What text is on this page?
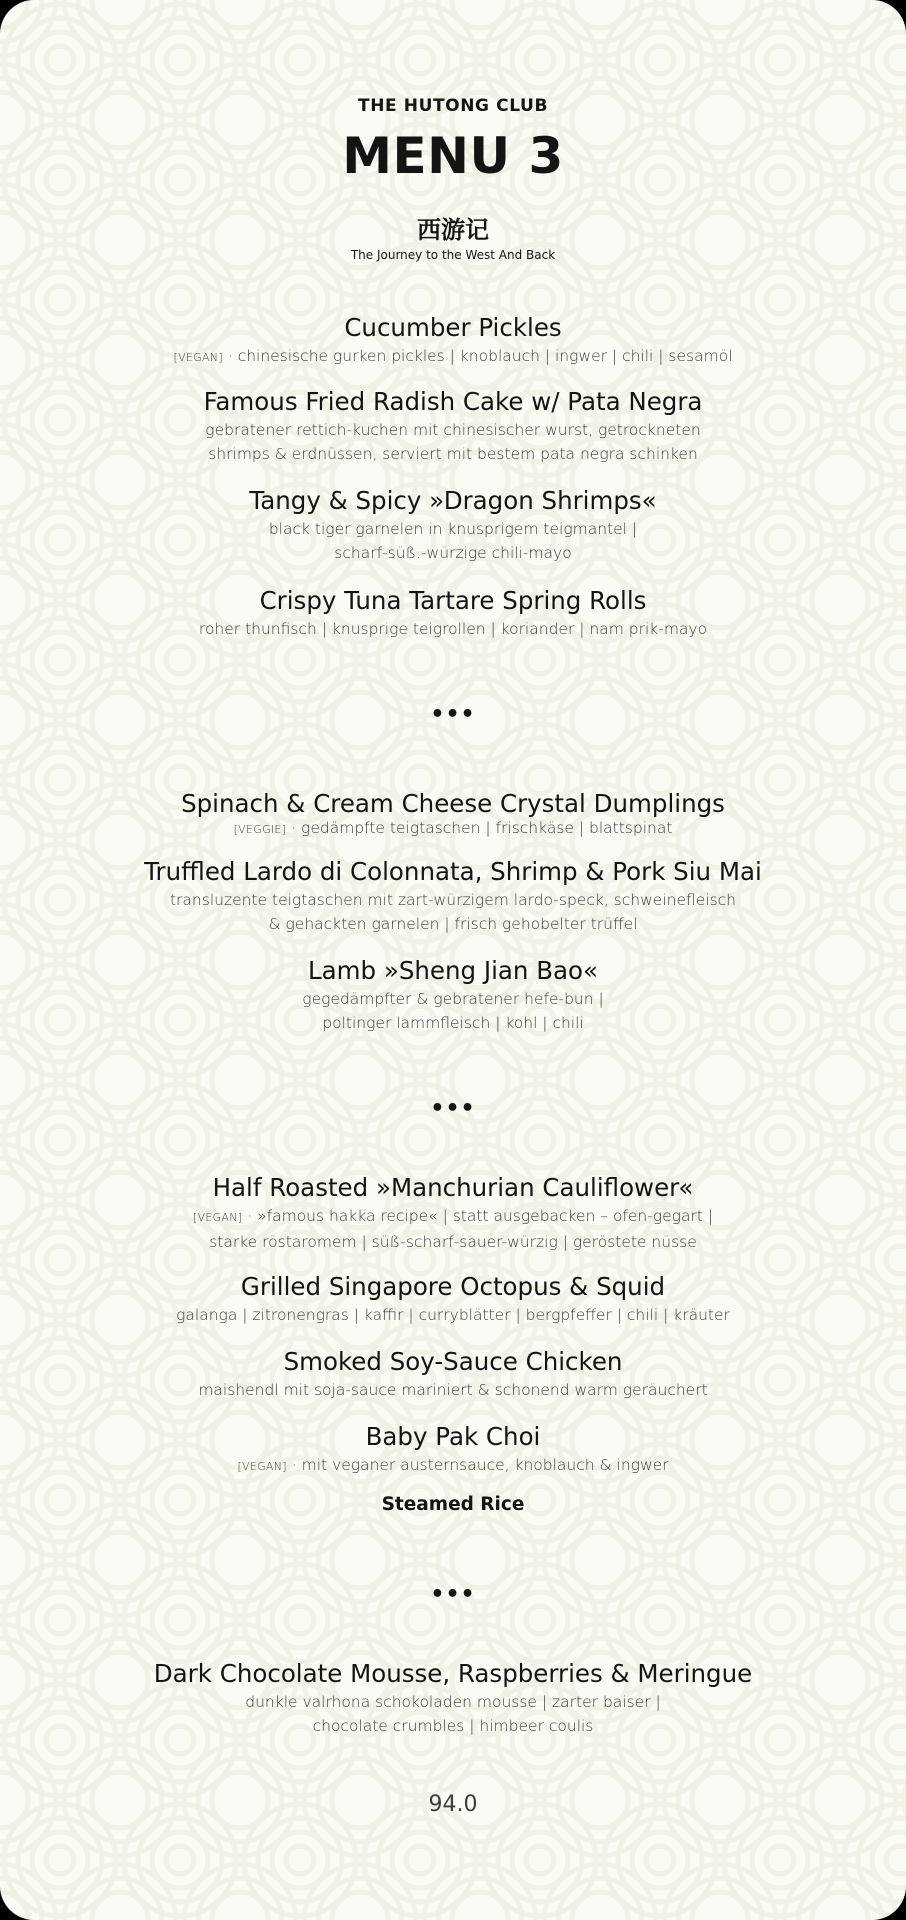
THE HUTONG CLUB
MENU 3
西游记
The Journey to the West And Back
Cucumber Pickles
[VEGAN] · chinesische gurken pickles | knoblauch | ingwer | chili | sesamöl
Famous Fried Radish Cake w/ Pata Negra
gebratener rettich-kuchen mit chinesischer wurst, getrockneten
shrimps & erdnüssen, serviert mit bestem pata negra schinken
Tangy & Spicy »Dragon Shrimps«
black tiger garnelen in knusprigem teigmantel |
scharf-süß.-würzige chili-mayo
Crispy Tuna Tartare Spring Rolls
roher thunfisch | knusprige teigrollen | koriander | nam prik-mayo
•••
Spinach & Cream Cheese Crystal Dumplings
[VEGGIE] · gedämpfte teigtaschen | frischkäse | blattspinat
Truffled Lardo di Colonnata, Shrimp & Pork Siu Mai
transluzente teigtaschen mit zart-würzigem lardo-speck, schweinefleisch
& gehackten garnelen | frisch gehobelter trüffel
Lamb »Sheng Jian Bao«
gegedämpfter & gebratener hefe-bun |
poltinger lammfleisch | kohl | chili
•••
Half Roasted »Manchurian Cauliflower«
[VEGAN] · »famous hakka recipe« | statt ausgebacken – ofen-gegart |
starke röstaromem | süß-scharf-sauer-würzig | geröstete nüsse
Grilled Singapore Octopus & Squid
galanga | zitronengras | kaffir | curryblätter | bergpfeffer | chili | kräuter
Smoked Soy-Sauce Chicken
maishendl mit soja-sauce mariniert & schonend warm geräuchert
Baby Pak Choi
[VEGAN] · mit veganer austernsauce, knoblauch & ingwer
Steamed Rice
•••
Dark Chocolate Mousse, Raspberries & Meringue
dunkle valrhona schokoladen mousse | zarter baiser |
chocolate crumbles | himbeer coulis
94.0
